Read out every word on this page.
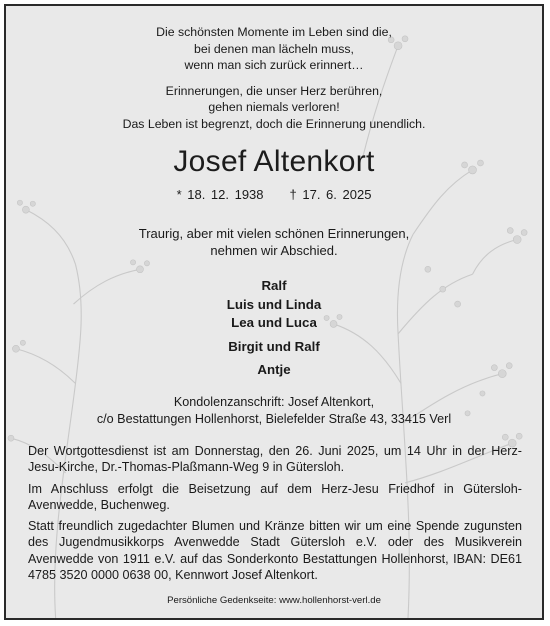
Die schönsten Momente im Leben sind die,

bei denen man lächeln muss,

wenn man sich zurück erinnert…

Erinnerungen, die unser Herz berühren,

gehen niemals verloren!

Das Leben ist begrenzt, doch die Erinnerung unendlich.

Josef Altenkort
* 18. 12. 1938 † 17. 6. 2025

Traurig, aber mit vielen schönen Erinnerungen,

nehmen wir Abschied.

Ralf

Luis und Linda

Lea und Luca

Birgit und Ralf

Antje

Kondolenzanschrift: Josef Altenkort,

c/o Bestattungen Hollenhorst, Bielefelder Straße 43, 33415 Verl

Der Wortgottesdienst ist am Donnerstag, den 26. Juni 2025, um 14 Uhr in der Herz-Jesu-Kirche, Dr.-Thomas-Plaßmann-Weg 9 in Gütersloh.

Im Anschluss erfolgt die Beisetzung auf dem Herz-Jesu Friedhof in Gütersloh-Avenwedde, Buchenweg.

Statt freundlich zugedachter Blumen und Kränze bitten wir um eine Spende zugunsten des Jugendmusikkorps Avenwedde Stadt Gütersloh e.V. oder des Musikverein Avenwedde von 1911 e.V. auf das Sonderkonto Bestattungen Hollenhorst, IBAN: DE61 4785 3520 0000 0638 00, Kennwort Josef Altenkort.

Persönliche Gedenkseite: www.hollenhorst-verl.de
